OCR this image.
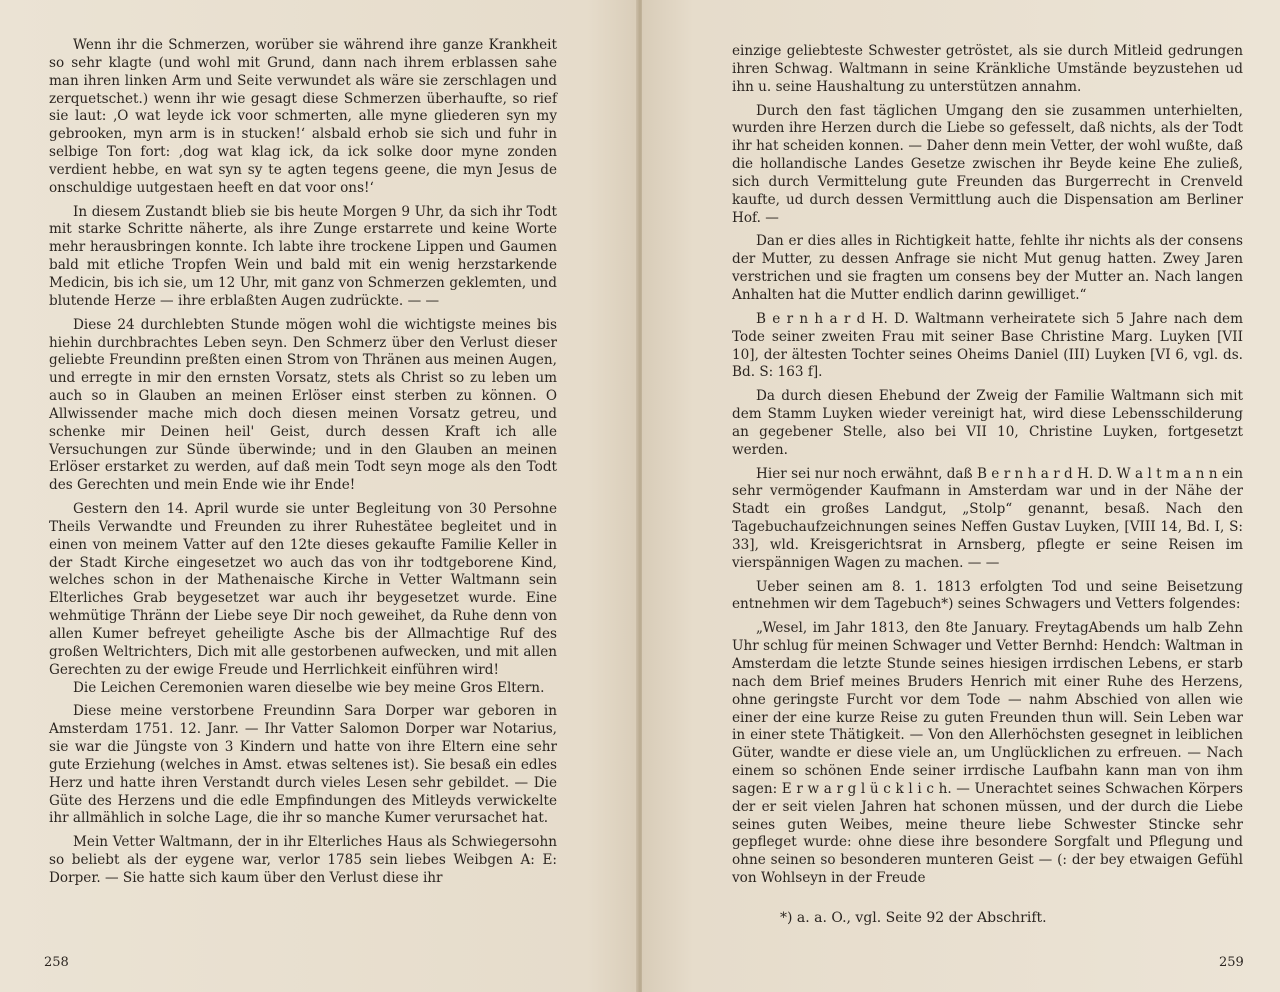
Wenn ihr die Schmerzen, worüber sie während ihre ganze Krankheit so sehr klagte (und wohl mit Grund, dann nach ihrem erblassen sahe man ihren linken Arm und Seite verwundet als wäre sie zerschlagen und zerquetschet.) wenn ihr wie gesagt diese Schmerzen überhaufte, so rief sie laut: ‚O wat leyde ick voor schmerten, alle myne gliederen syn my gebrooken, myn arm is in stucken!‘ alsbald erhob sie sich und fuhr in selbige Ton fort: ‚dog wat klag ick, da ick solke door myne zonden verdient hebbe, en wat syn sy te agten tegens geene, die myn Jesus de onschuldige uutgestaen heeft en dat voor ons!‘

In diesem Zustandt blieb sie bis heute Morgen 9 Uhr, da sich ihr Todt mit starke Schritte näherte, als ihre Zunge erstarrete und keine Worte mehr herausbringen konnte. Ich labte ihre trockene Lippen und Gaumen bald mit etliche Tropfen Wein und bald mit ein wenig herzstarkende Medicin, bis ich sie, um 12 Uhr, mit ganz von Schmerzen geklemten, und blutende Herze — ihre erblaßten Augen zudrückte. — —

Diese 24 durchlebten Stunde mögen wohl die wichtigste meines bis hiehin durchbrachtes Leben seyn. Den Schmerz über den Verlust dieser geliebte Freundinn preßten einen Strom von Thränen aus meinen Augen, und erregte in mir den ernsten Vorsatz, stets als Christ so zu leben um auch so in Glauben an meinen Erlöser einst sterben zu können. O Allwissender mache mich doch diesen meinen Vorsatz getreu, und schenke mir Deinen heil' Geist, durch dessen Kraft ich alle Versuchungen zur Sünde überwinde; und in den Glauben an meinen Erlöser erstarket zu werden, auf daß mein Todt seyn moge als den Todt des Gerechten und mein Ende wie ihr Ende!

Gestern den 14. April wurde sie unter Begleitung von 30 Persohne Theils Verwandte und Freunden zu ihrer Ruhestätee begleitet und in einen von meinem Vatter auf den 12te dieses gekaufte Familie Keller in der Stadt Kirche eingesetzet wo auch das von ihr todtgeborene Kind, welches schon in der Mathenaische Kirche in Vetter Waltmann sein Elterliches Grab beygesetzet war auch ihr beygesetzet wurde. Eine wehmütige Thränn der Liebe seye Dir noch geweihet, da Ruhe denn von allen Kumer befreyet geheiligte Asche bis der Allmachtige Ruf des großen Weltrichters, Dich mit alle gestorbenen aufwecken, und mit allen Gerechten zu der ewige Freude und Herrlichkeit einführen wird!

Die Leichen Ceremonien waren dieselbe wie bey meine Gros Eltern.

Diese meine verstorbene Freundinn Sara Dorper war geboren in Amsterdam 1751. 12. Janr. — Ihr Vatter Salomon Dorper war Notarius, sie war die Jüngste von 3 Kindern und hatte von ihre Eltern eine sehr gute Erziehung (welches in Amst. etwas seltenes ist). Sie besaß ein edles Herz und hatte ihren Verstandt durch vieles Lesen sehr gebildet. — Die Güte des Herzens und die edle Empfindungen des Mitleyds verwickelte ihr allmählich in solche Lage, die ihr so manche Kumer verursachet hat.

Mein Vetter Waltmann, der in ihr Elterliches Haus als Schwiegersohn so beliebt als der eygene war, verlor 1785 sein liebes Weibgen A: E: Dorper. — Sie hatte sich kaum über den Verlust diese ihr

258

einzige geliebteste Schwester getröstet, als sie durch Mitleid gedrungen ihren Schwag. Waltmann in seine Kränkliche Umstände beyzustehen ud ihn u. seine Haushaltung zu unterstützen annahm.

Durch den fast täglichen Umgang den sie zusammen unterhielten, wurden ihre Herzen durch die Liebe so gefesselt, daß nichts, als der Todt ihr hat scheiden konnen. — Daher denn mein Vetter, der wohl wußte, daß die hollandische Landes Gesetze zwischen ihr Beyde keine Ehe zuließ, sich durch Vermittelung gute Freunden das Burgerrecht in Crenveld kaufte, ud durch dessen Vermittlung auch die Dispensation am Berliner Hof. —

Dan er dies alles in Richtigkeit hatte, fehlte ihr nichts als der consens der Mutter, zu dessen Anfrage sie nicht Mut genug hatten. Zwey Jaren verstrichen und sie fragten um consens bey der Mutter an. Nach langen Anhalten hat die Mutter endlich darinn gewilliget.“

B e r n h a r d H. D. Waltmann verheiratete sich 5 Jahre nach dem Tode seiner zweiten Frau mit seiner Base Christine Marg. Luyken [VII 10], der ältesten Tochter seines Oheims Daniel (III) Luyken [VI 6, vgl. ds. Bd. S: 163 f].

Da durch diesen Ehebund der Zweig der Familie Waltmann sich mit dem Stamm Luyken wieder vereinigt hat, wird diese Lebensschilderung an gegebener Stelle, also bei VII 10, Christine Luyken, fortgesetzt werden.

Hier sei nur noch erwähnt, daß B e r n h a r d H. D. W a l t m a n n ein sehr vermögender Kaufmann in Amsterdam war und in der Nähe der Stadt ein großes Landgut, „Stolp“ genannt, besaß. Nach den Tagebuchaufzeichnungen seines Neffen Gustav Luyken, [VIII 14, Bd. I, S: 33], wld. Kreisgerichtsrat in Arnsberg, pflegte er seine Reisen im vierspännigen Wagen zu machen. — —

Ueber seinen am 8. 1. 1813 erfolgten Tod und seine Beisetzung entnehmen wir dem Tagebuch*) seines Schwagers und Vetters folgendes:

„Wesel, im Jahr 1813, den 8te January. FreytagAbends um halb Zehn Uhr schlug für meinen Schwager und Vetter Bernhd: Hendch: Waltman in Amsterdam die letzte Stunde seines hiesigen irrdischen Lebens, er starb nach dem Brief meines Bruders Henrich mit einer Ruhe des Herzens, ohne geringste Furcht vor dem Tode — nahm Abschied von allen wie einer der eine kurze Reise zu guten Freunden thun will. Sein Leben war in einer stete Thätigkeit. — Von den Allerhöchsten gesegnet in leiblichen Güter, wandte er diese viele an, um Unglücklichen zu erfreuen. — Nach einem so schönen Ende seiner irrdische Laufbahn kann man von ihm sagen: E r w a r g l ü c k l i c h. — Unerachtet seines Schwachen Körpers der er seit vielen Jahren hat schonen müssen, und der durch die Liebe seines guten Weibes, meine theure liebe Schwester Stincke sehr gepfleget wurde: ohne diese ihre besondere Sorgfalt und Pflegung und ohne seinen so besonderen munteren Geist — (: der bey etwaigen Gefühl von Wohlseyn in der Freude

*) a. a. O., vgl. Seite 92 der Abschrift.
259
